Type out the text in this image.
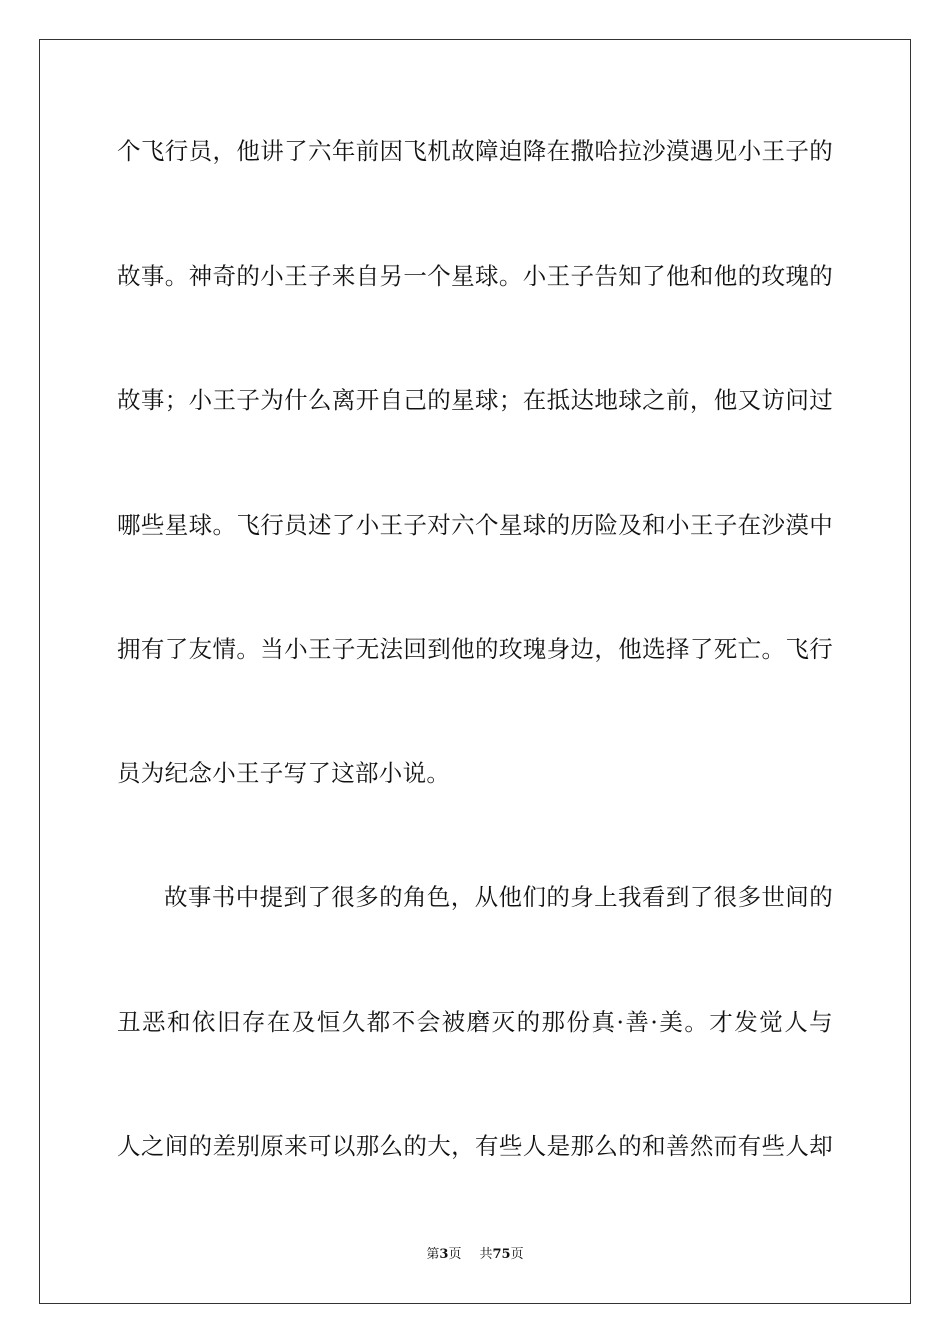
个飞行员，他讲了六年前因飞机故障迫降在撒哈拉沙漠遇见小王子的
故事。神奇的小王子来自另一个星球。小王子告知了他和他的玫瑰的
故事；小王子为什么离开自己的星球；在抵达地球之前，他又访问过
哪些星球。飞行员述了小王子对六个星球的历险及和小王子在沙漠中
拥有了友情。当小王子无法回到他的玫瑰身边，他选择了死亡。飞行
员为纪念小王子写了这部小说。
故事书中提到了很多的角色，从他们的身上我看到了很多世间的
丑恶和依旧存在及恒久都不会被磨灭的那份真·善·美。才发觉人与
人之间的差别原来可以那么的大，有些人是那么的和善然而有些人却
第3页 共75页
